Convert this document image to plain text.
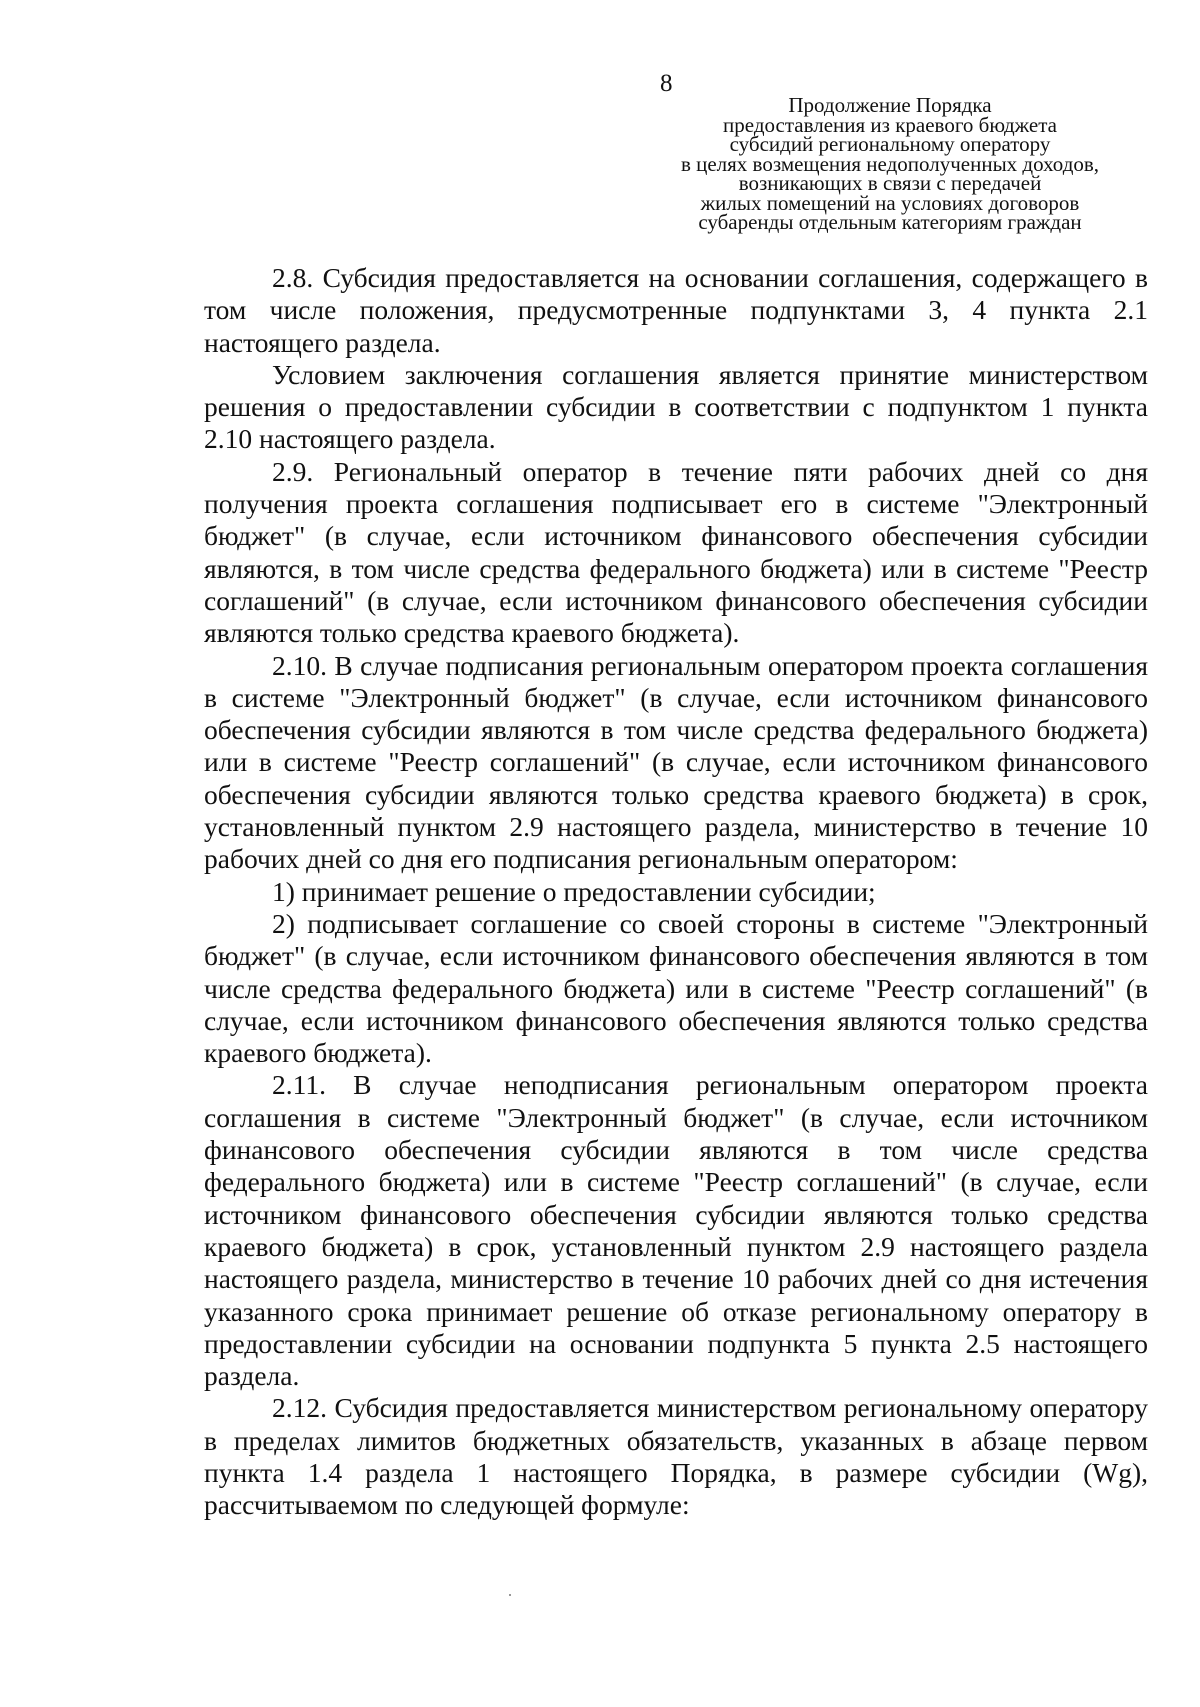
8
Продолжение Порядка
предоставления из краевого бюджета
субсидий региональному оператору
в целях возмещения недополученных доходов,
возникающих в связи с передачей
жилых помещений на условиях договоров
субаренды отдельным категориям граждан

2.8. Субсидия предоставляется на основании соглашения, содержащего в том числе положения, предусмотренные подпунктами 3, 4 пункта 2.1 настоящего раздела.

Условием заключения соглашения является принятие министерством решения о предоставлении субсидии в соответствии с подпунктом 1 пункта 2.10 настоящего раздела.

2.9. Региональный оператор в течение пяти рабочих дней со дня получения проекта соглашения подписывает его в системе "Электронный бюджет" (в случае, если источником финансового обеспечения субсидии являются, в том числе средства федерального бюджета) или в системе "Реестр соглашений" (в случае, если источником финансового обеспечения субсидии являются только средства краевого бюджета).

2.10. В случае подписания региональным оператором проекта соглашения в системе "Электронный бюджет" (в случае, если источником финансового обеспечения субсидии являются в том числе средства федерального бюджета) или в системе "Реестр соглашений" (в случае, если источником финансового обеспечения субсидии являются только средства краевого бюджета) в срок, установленный пунктом 2.9 настоящего раздела, министерство в течение 10 рабочих дней со дня его подписания региональным оператором:

1) принимает решение о предоставлении субсидии;

2) подписывает соглашение со своей стороны в системе "Электронный бюджет" (в случае, если источником финансового обеспечения являются в том числе средства федерального бюджета) или в системе "Реестр соглашений" (в случае, если источником финансового обеспечения являются только средства краевого бюджета).

2.11. В случае неподписания региональным оператором проекта соглашения в системе "Электронный бюджет" (в случае, если источником финансового обеспечения субсидии являются в том числе средства федерального бюджета) или в системе "Реестр соглашений" (в случае, если источником финансового обеспечения субсидии являются только средства краевого бюджета) в срок, установленный пунктом 2.9 настоящего раздела настоящего раздела, министерство в течение 10 рабочих дней со дня истечения указанного срока принимает решение об отказе региональному оператору в предоставлении субсидии на основании подпункта 5 пункта 2.5 настоящего раздела.

2.12. Субсидия предоставляется министерством региональному оператору в пределах лимитов бюджетных обязательств, указанных в абзаце первом пункта 1.4 раздела 1 настоящего Порядка, в размере субсидии (Wg), рассчитываемом по следующей формуле:
